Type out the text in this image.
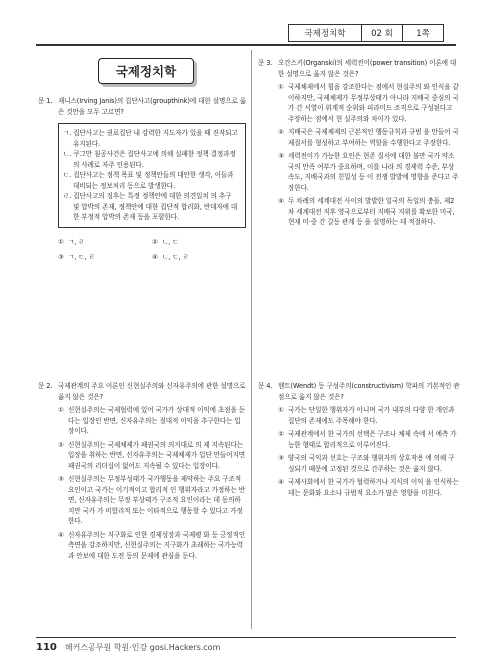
국제정치학	02 회	1쪽
국제정치학
문 1. 재니스(Irving Janis)의 집단사고(groupthink)에 대한 설명으로 옳은 것만을 모두 고르면?
ㄱ. 집단사고는 권료집단 내 강력한 지도자가 있을 때 진작되고 유지된다.
ㄴ. 쿠그만 침공사건은 집단사고에 의해 실패한 정책 결정과정의 사례로 자주 인용된다.
ㄷ. 집단사고는 정책 목표 및 정책안들의 대안한 생각, 이들과 대비되는 정보처리 등으로 발생한다.
ㄹ. 집단사고의 징후는 특정 정책안에 대한 의견일치 의 추구 및 압박의 존재, 정책안에 대한 집단적 합리화, 반대자에 대한 부정적 압박의 존재 등을 포함한다.
① ㄱ, ㄹ	② ㄴ, ㄷ
③ ㄱ, ㄷ, ㄹ	④ ㄴ, ㄷ, ㄹ
문 2. 국제관계의 주요 이론인 신현실주의와 신자유주의에 관한 설명으로 옳지 않은 것은?
① 신현실주의는 국제협력에 있어 국가가 상대적 이익에 초점을 둔다는 입장인 반면, 신자유주의는 절대적 이익을 추구한다는 입장이다.
② 신현실주의는 국제체제가 패권국의 의지대로 의 제 지속된다는 입장을 취하는 반면, 신자유주의는 국제체제가 입단 만들어지면 패권국의 리더십이 없어도 지속될 수 있다는 입장이다.
③ 신현실주의는 무정부성태가 국가행동을 제약하는 주요 구조적 요인이고 국가는 이기적이고 합리적 인 행위자라고 가정하는 반면, 신자유주의는 무정 부상태가 구조적 요인이라는 데 동의하지만 국가 가 비합리적 또는 이타적으로 행동할 수 있다고 가정한다.
④ 신자유주의는 지구화로 인한 경제성장과 국제평 화 등 긍정적인 측면을 강조하지만, 신현실주의는 지구화가 초래하는 국가능력과 안보에 대한 도전 등의 문제에 관심을 둔다.
문 3. 오간스키(Organski)의 세력전이(power transition) 이론에 대한 설명으로 옳지 않은 것은?
① 국제체제에서 힘을 강조한다는 점에서 현실주의 와 인식을 같이하지만, 국제체제가 무정부상태가 아니라 지배국 중심의 국가 간 서열이 위계적 순위와 피라미드 조직으로 구성된다고 주장하는 점에서 현 실주의와 차이가 있다.
② 지배국은 국제체제의 근본적인 행동규칙과 규범 을 만들어 국제질서를 형성하고 부여하는 역할을 수행한다고 주장한다.
③ 세력전이가 가능한 요인은 현존 질서에 대한 불만 국가 약소국의 만족 여부가 중요하며, 이를 나라 의 경제력 수준, 부상 속도, 지배국과의 친밀성 등 이 전쟁 발발에 영향을 준다고 주장한다.
④ 두 차례의 세계대전 사이의 발발한 일국의 독일의 충돌, 제2차 세계대전 직후 영국으로부터 지배국 지위를 확보한 미국, 현재 미·중 간 갈등 관계 등 을 설명하는 데 적절하다.
문 4. 웬트(Wendt) 등 구성주의(constructivism) 학파의 기본적인 관점으로 옳지 않은 것은?
① 국가는 단일한 행위자가 아니며 국가 내부의 다양 한 개인과 집단의 존재에도 주목해야 한다.
② 국제관계에서 한 국가의 선택은 구조나 체제 속에 서 예측 가능한 형태로 합리적으로 이루어진다.
③ 양국의 국익과 선호는 구조와 행위자의 상호작용 에 의해 구성되기 때문에 고정된 것으로 간주하는 것은 옳지 않다.
④ 국제사회에서 한 국가가 협력하거나 지식의 이익 을 인식하는 데는 문화와 요소나 규범적 요소가 많은 영향을 미친다.
110 해커스공무원 학원·인강 gosi.Hackers.com
